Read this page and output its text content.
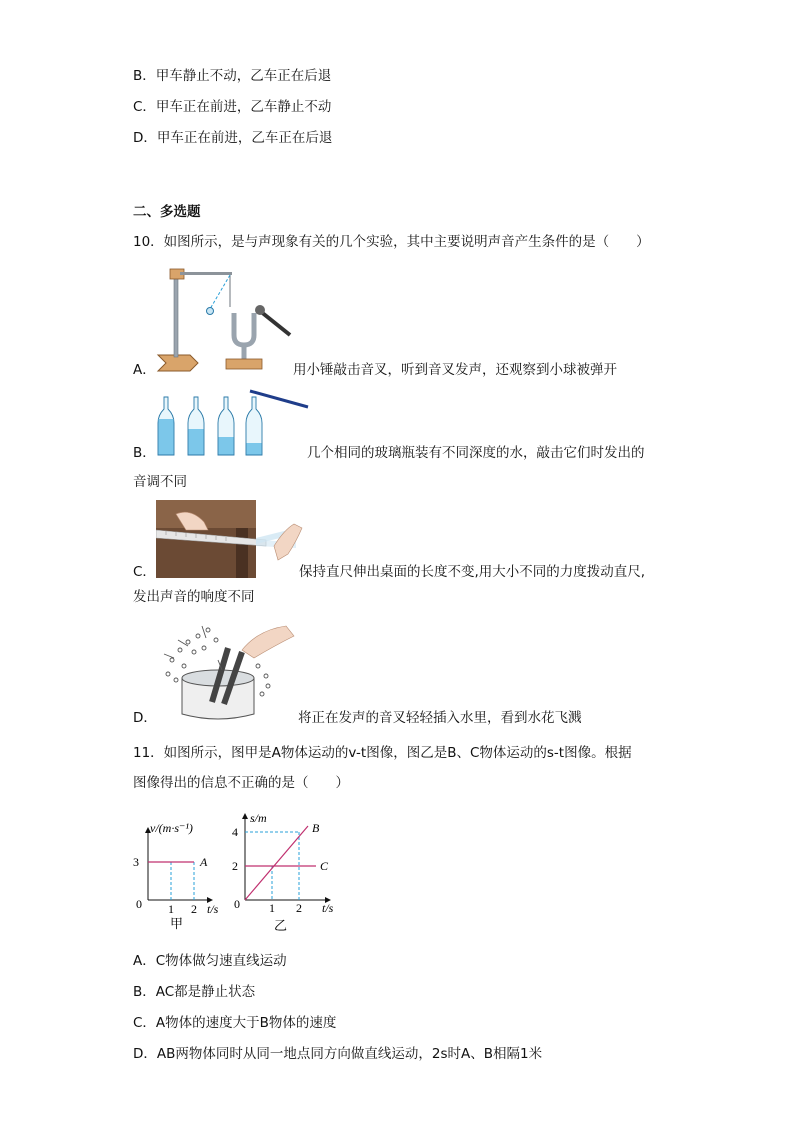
B．甲车静止不动，乙车正在后退
C．甲车正在前进，乙车静止不动
D．甲车正在前进，乙车正在后退
二、多选题
10．如图所示，是与声现象有关的几个实验，其中主要说明声音产生条件的是（　　）
A．	用小锤敲击音叉，听到音叉发声，还观察到小球被弹开
B．	几个相同的玻璃瓶装有不同深度的水，敲击它们时发出的
音调不同
C．	保持直尺伸出桌面的长度不变,用大小不同的力度拨动直尺,
发出声音的响度不同
D．	将正在发声的音叉轻轻插入水里，看到水花飞溅
11．如图所示，图甲是A物体运动的v-t图像，图乙是B、C物体运动的s-t图像。根据
图像得出的信息不正确的是（　　）
v/(m·s⁻¹)
3
0 1 2 t/s
A
甲
s/m
2
4
0 1 2 t/s
B
C
乙
A．C物体做匀速直线运动
B．AC都是静止状态
C．A物体的速度大于B物体的速度
D．AB两物体同时从同一地点同方向做直线运动，2s时A、B相隔1米
